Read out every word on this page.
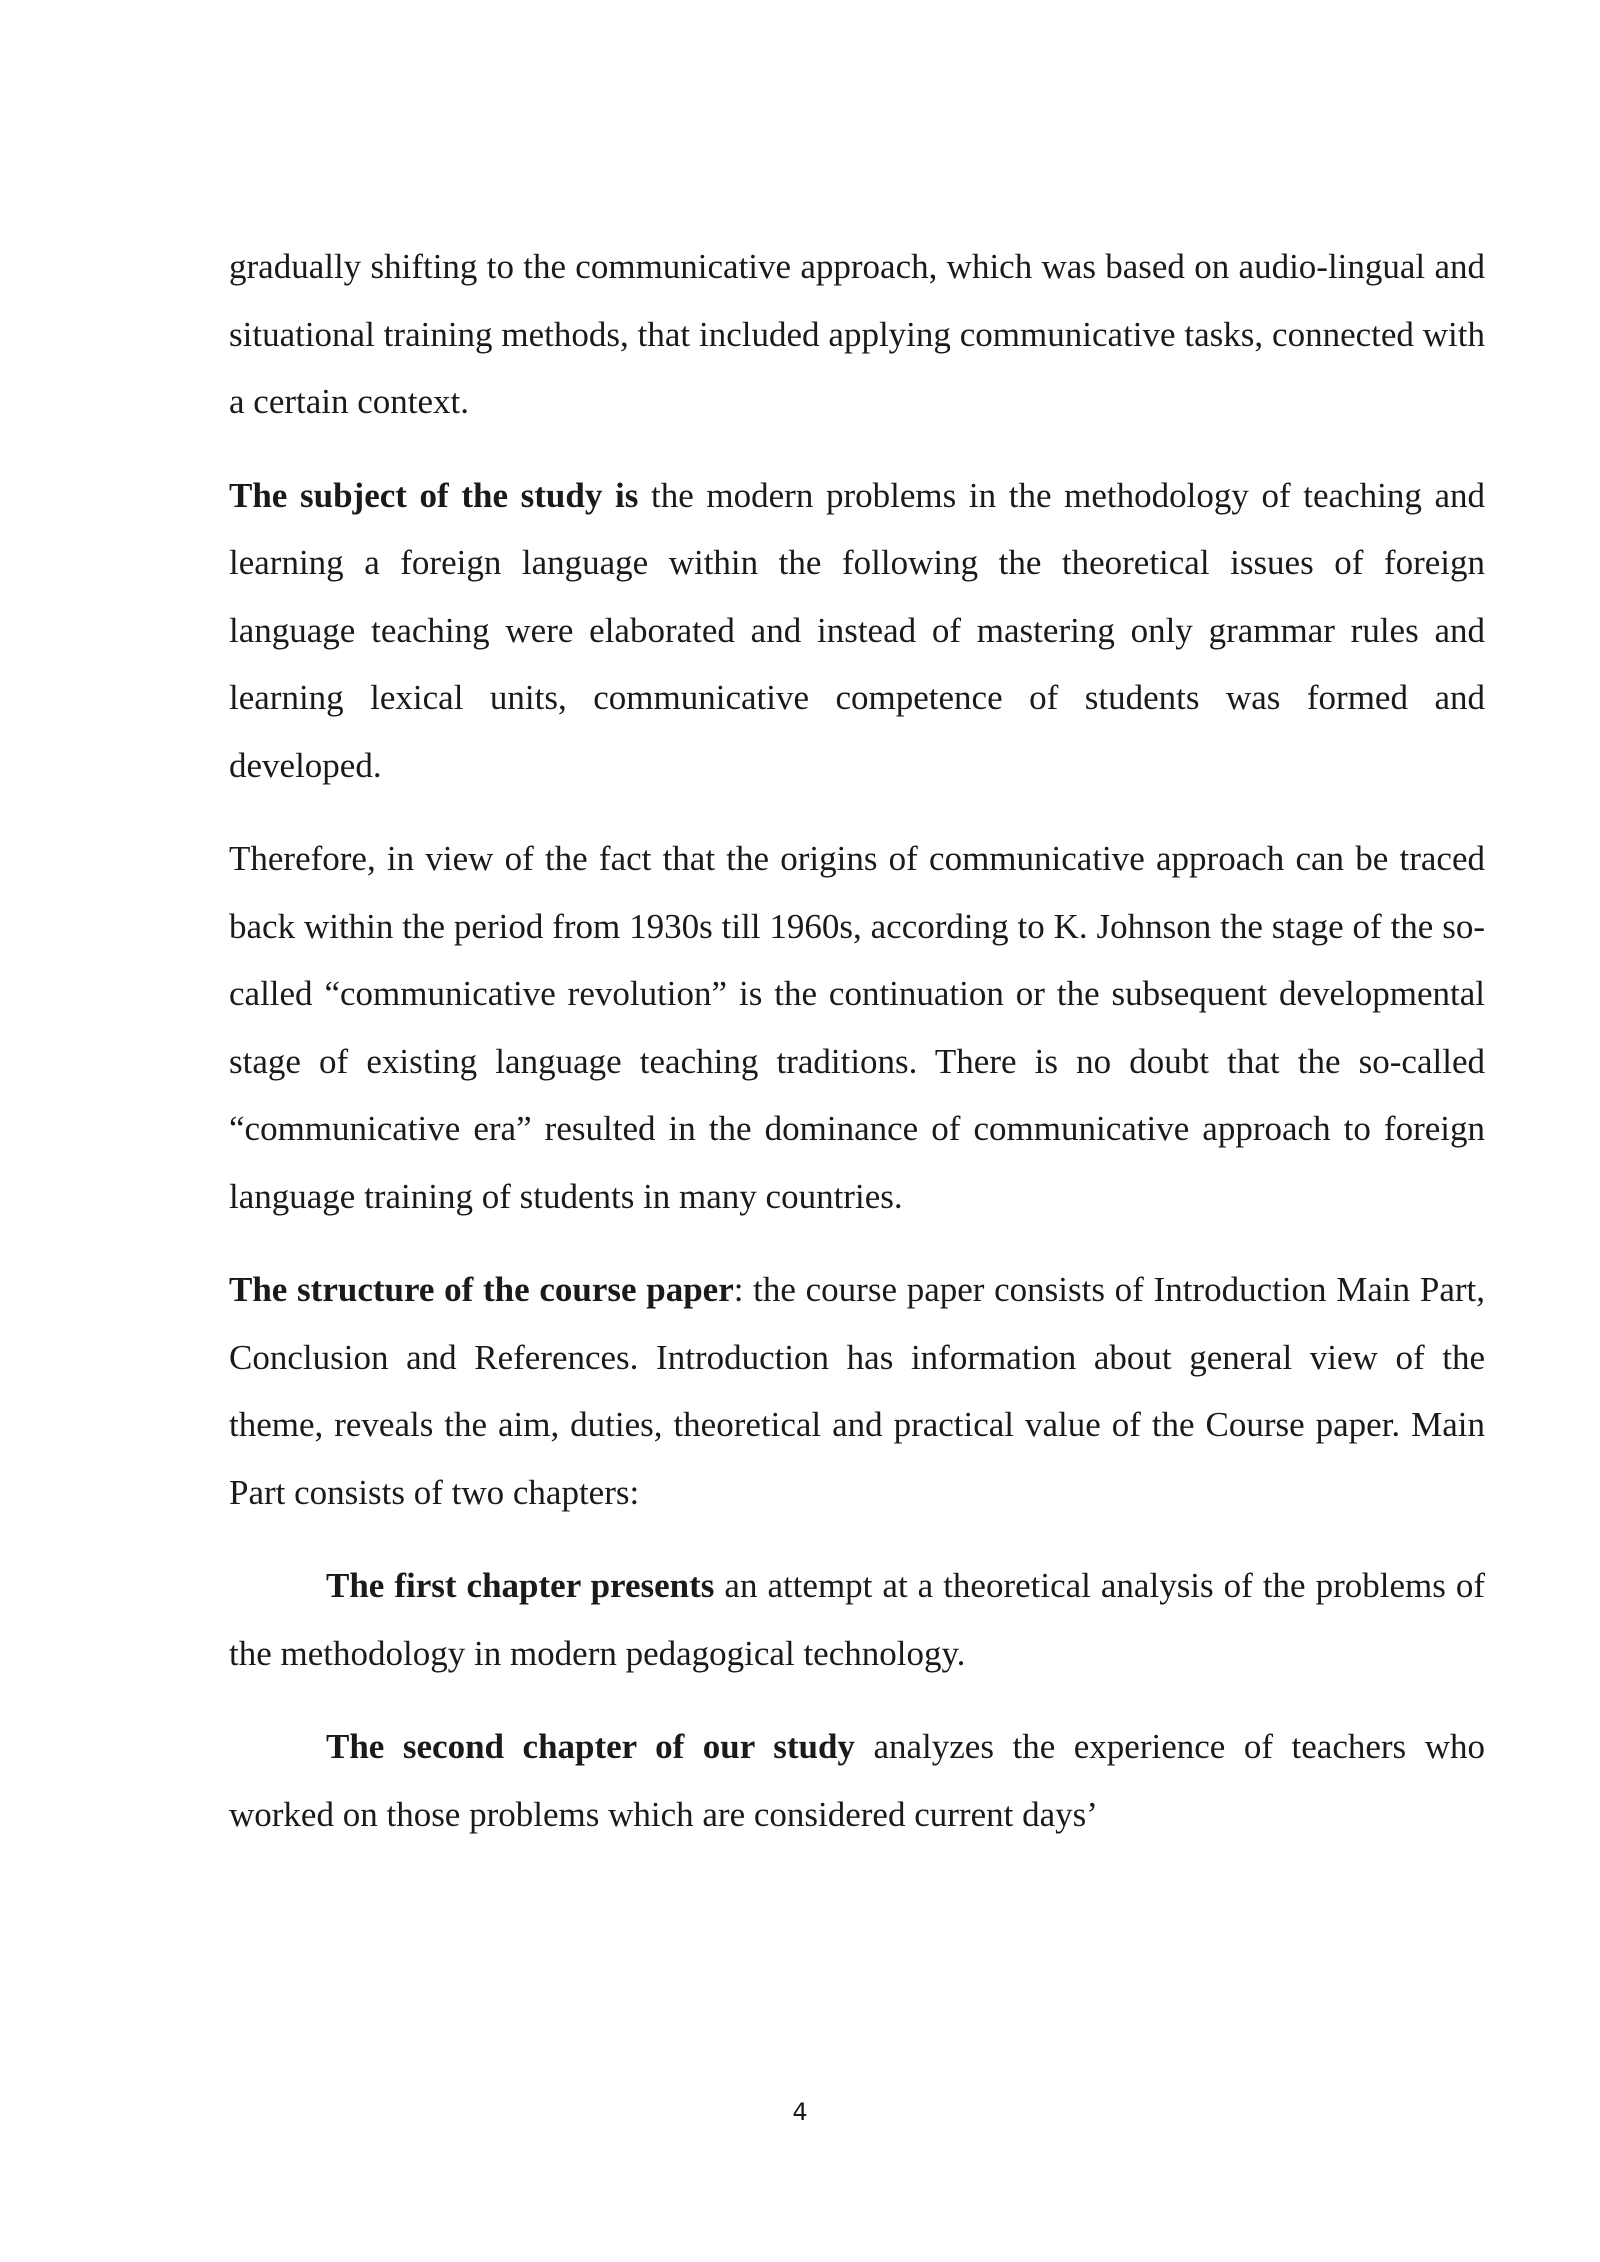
gradually shifting to the communicative approach, which was based on audio-lingual and situational training methods, that included applying communicative tasks, connected with a certain context.

The subject of the study is the modern problems in the methodology of teaching and learning a foreign language within the following the theoretical issues of foreign language teaching were elaborated and instead of mastering only grammar rules and learning lexical units, communicative competence of students was formed and developed.

Therefore, in view of the fact that the origins of communicative approach can be traced back within the period from 1930s till 1960s, according to K. Johnson the stage of the so-called “communicative revolution” is the continuation or the subsequent developmental stage of existing language teaching traditions. There is no doubt that the so-called “communicative era” resulted in the dominance of communicative approach to foreign language training of students in many countries.

The structure of the course paper: the course paper consists of Introduction Main Part, Conclusion and References. Introduction has information about general view of the theme, reveals the aim, duties, theoretical and practical value of the Course paper. Main Part consists of two chapters:

The first chapter presents an attempt at a theoretical analysis of the problems of the methodology in modern pedagogical technology.

The second chapter of our study analyzes the experience of teachers who worked on those problems which are considered current days’

4
